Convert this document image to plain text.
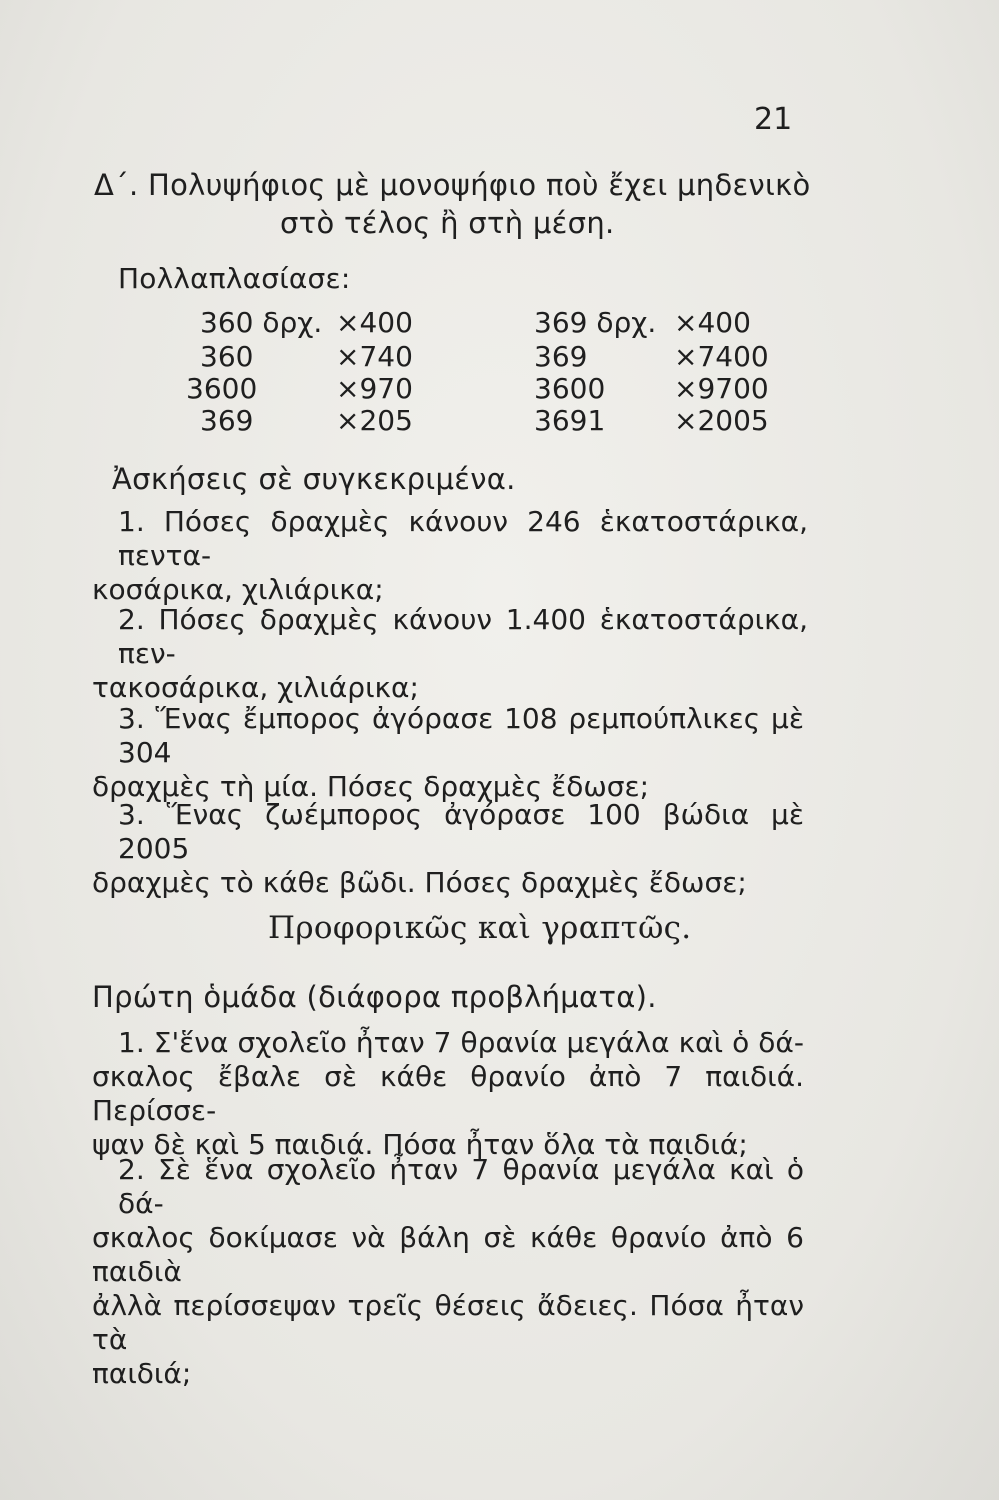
21
Δ΄. Πολυψήφιος μὲ μονοψήφιο ποὺ ἔχει μηδενικὸ
στὸ τέλος ἢ στὴ μέση.
Πολλαπλασίασε:
360 δρχ. ×400
360	×740
3600	×970
369	×205
369 δρχ. ×400
369	×7400
3600 ×9700
3691 ×2005
Ἀσκήσεις σὲ συγκεκριμένα.
1. Πόσες δραχμὲς κάνουν 246 ἑκατοστάρικα, πεντα-
κοσάρικα, χιλιάρικα;
2. Πόσες δραχμὲς κάνουν 1.400 ἑκατοστάρικα, πεν-
τακοσάρικα, χιλιάρικα;
3. Ἕνας ἔμπορος ἀγόρασε 108 ρεμπούπλικες μὲ 304
δραχμὲς τὴ μία. Πόσες δραχμὲς ἔδωσε;
3. Ἕνας ζωέμπορος ἀγόρασε 100 βώδια μὲ 2005
δραχμὲς τὸ κάθε βῶδι. Πόσες δραχμὲς ἔδωσε;
Προφορικῶς καὶ γραπτῶς.
Πρώτη ὁμάδα (διάφορα προβλήματα).
1. Σ'ἕνα σχολεῖο ἦταν 7 θρανία μεγάλα καὶ ὁ δά-
σκαλος ἔβαλε σὲ κάθε θρανίο ἀπὸ 7 παιδιά. Περίσσε-
ψαν δὲ καὶ 5 παιδιά. Πόσα ἦταν ὅλα τὰ παιδιά;
2. Σὲ ἕνα σχολεῖο ἦταν 7 θρανία μεγάλα καὶ ὁ δά-
σκαλος δοκίμασε νὰ βάλη σὲ κάθε θρανίο ἀπὸ 6 παιδιὰ
ἀλλὰ περίσσεψαν τρεῖς θέσεις ἄδειες. Πόσα ἦταν τὰ
παιδιά;
